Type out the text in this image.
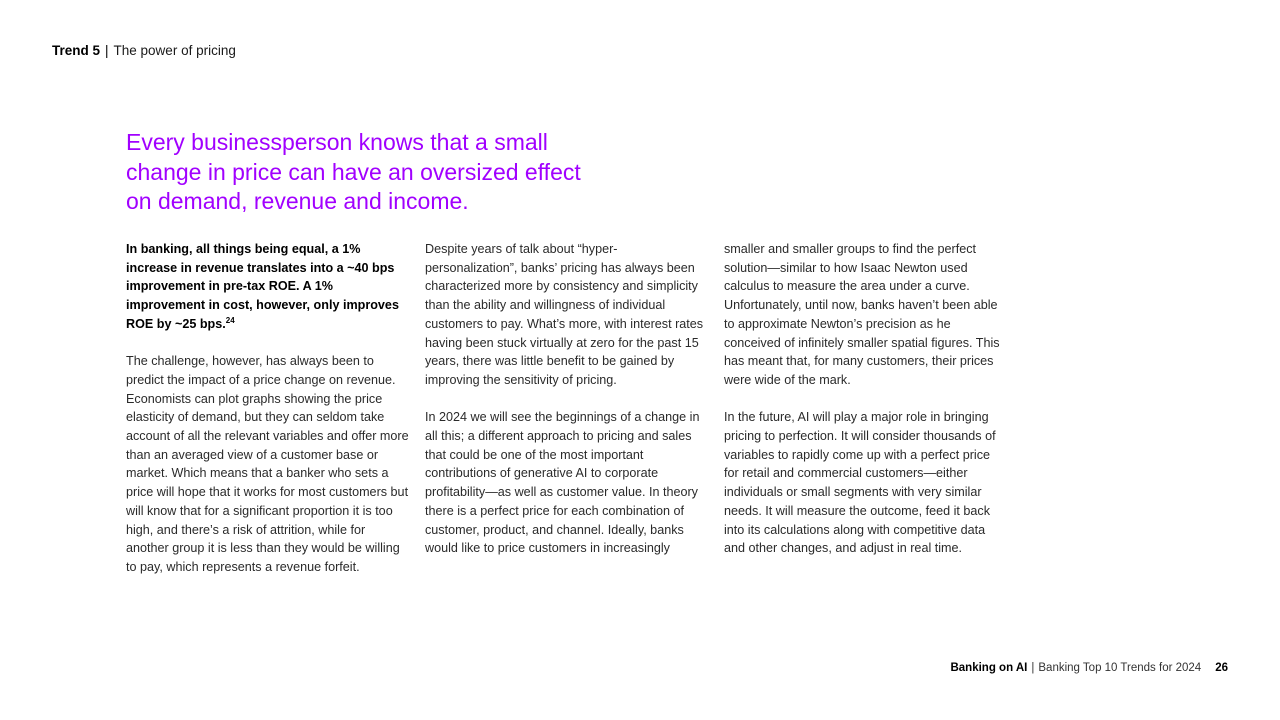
Trend 5 | The power of pricing
Every businessperson knows that a small change in price can have an oversized effect on demand, revenue and income.

In banking, all things being equal, a 1% increase in revenue translates into a ~40 bps improvement in pre-tax ROE. A 1% improvement in cost, however, only improves ROE by ~25 bps.$^{24}$

The challenge, however, has always been to predict the impact of a price change on revenue. Economists can plot graphs showing the price elasticity of demand, but they can seldom take account of all the relevant variables and offer more than an averaged view of a customer base or market. Which means that a banker who sets a price will hope that it works for most customers but will know that for a significant proportion it is too high, and there’s a risk of attrition, while for another group it is less than they would be willing to pay, which represents a revenue forfeit.

Despite years of talk about “hyper-personalization”, banks’ pricing has always been characterized more by consistency and simplicity than the ability and willingness of individual customers to pay. What’s more, with interest rates having been stuck virtually at zero for the past 15 years, there was little benefit to be gained by improving the sensitivity of pricing.

In 2024 we will see the beginnings of a change in all this; a different approach to pricing and sales that could be one of the most important contributions of generative AI to corporate profitability—as well as customer value. In theory there is a perfect price for each combination of customer, product, and channel. Ideally, banks would like to price customers in increasingly

smaller and smaller groups to find the perfect solution—similar to how Isaac Newton used calculus to measure the area under a curve. Unfortunately, until now, banks haven’t been able to approximate Newton’s precision as he conceived of infinitely smaller spatial figures. This has meant that, for many customers, their prices were wide of the mark.

In the future, AI will play a major role in bringing pricing to perfection. It will consider thousands of variables to rapidly come up with a perfect price for retail and commercial customers—either individuals or small segments with very similar needs. It will measure the outcome, feed it back into its calculations along with competitive data and other changes, and adjust in real time.

Banking on AI | Banking Top 10 Trends for 2024 26
